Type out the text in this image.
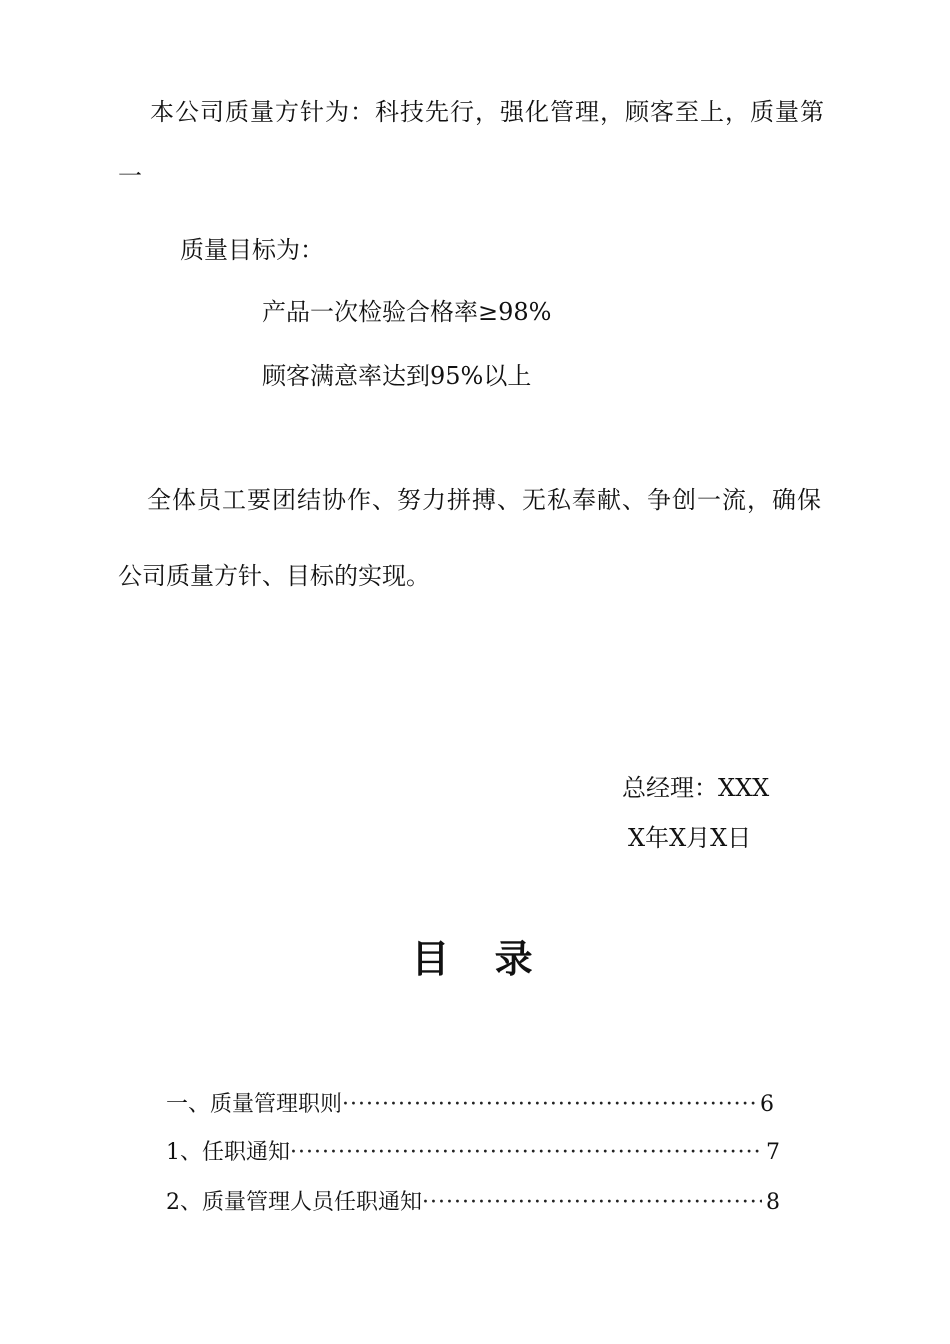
本公司质量方针为：科技先行，强化管理，顾客至上，质量第
一
质量目标为：
产品一次检验合格率≥98%
顾客满意率达到95%以上
全体员工要团结协作、努力拼搏、无私奉献、争创一流，确保
公司质量方针、目标的实现。
总经理：XXX
X年X月X日
目 录
一、质量管理职则 ·····	6
1、任职通知 ·····	7
2、质量管理人员任职通知 ·····	8
